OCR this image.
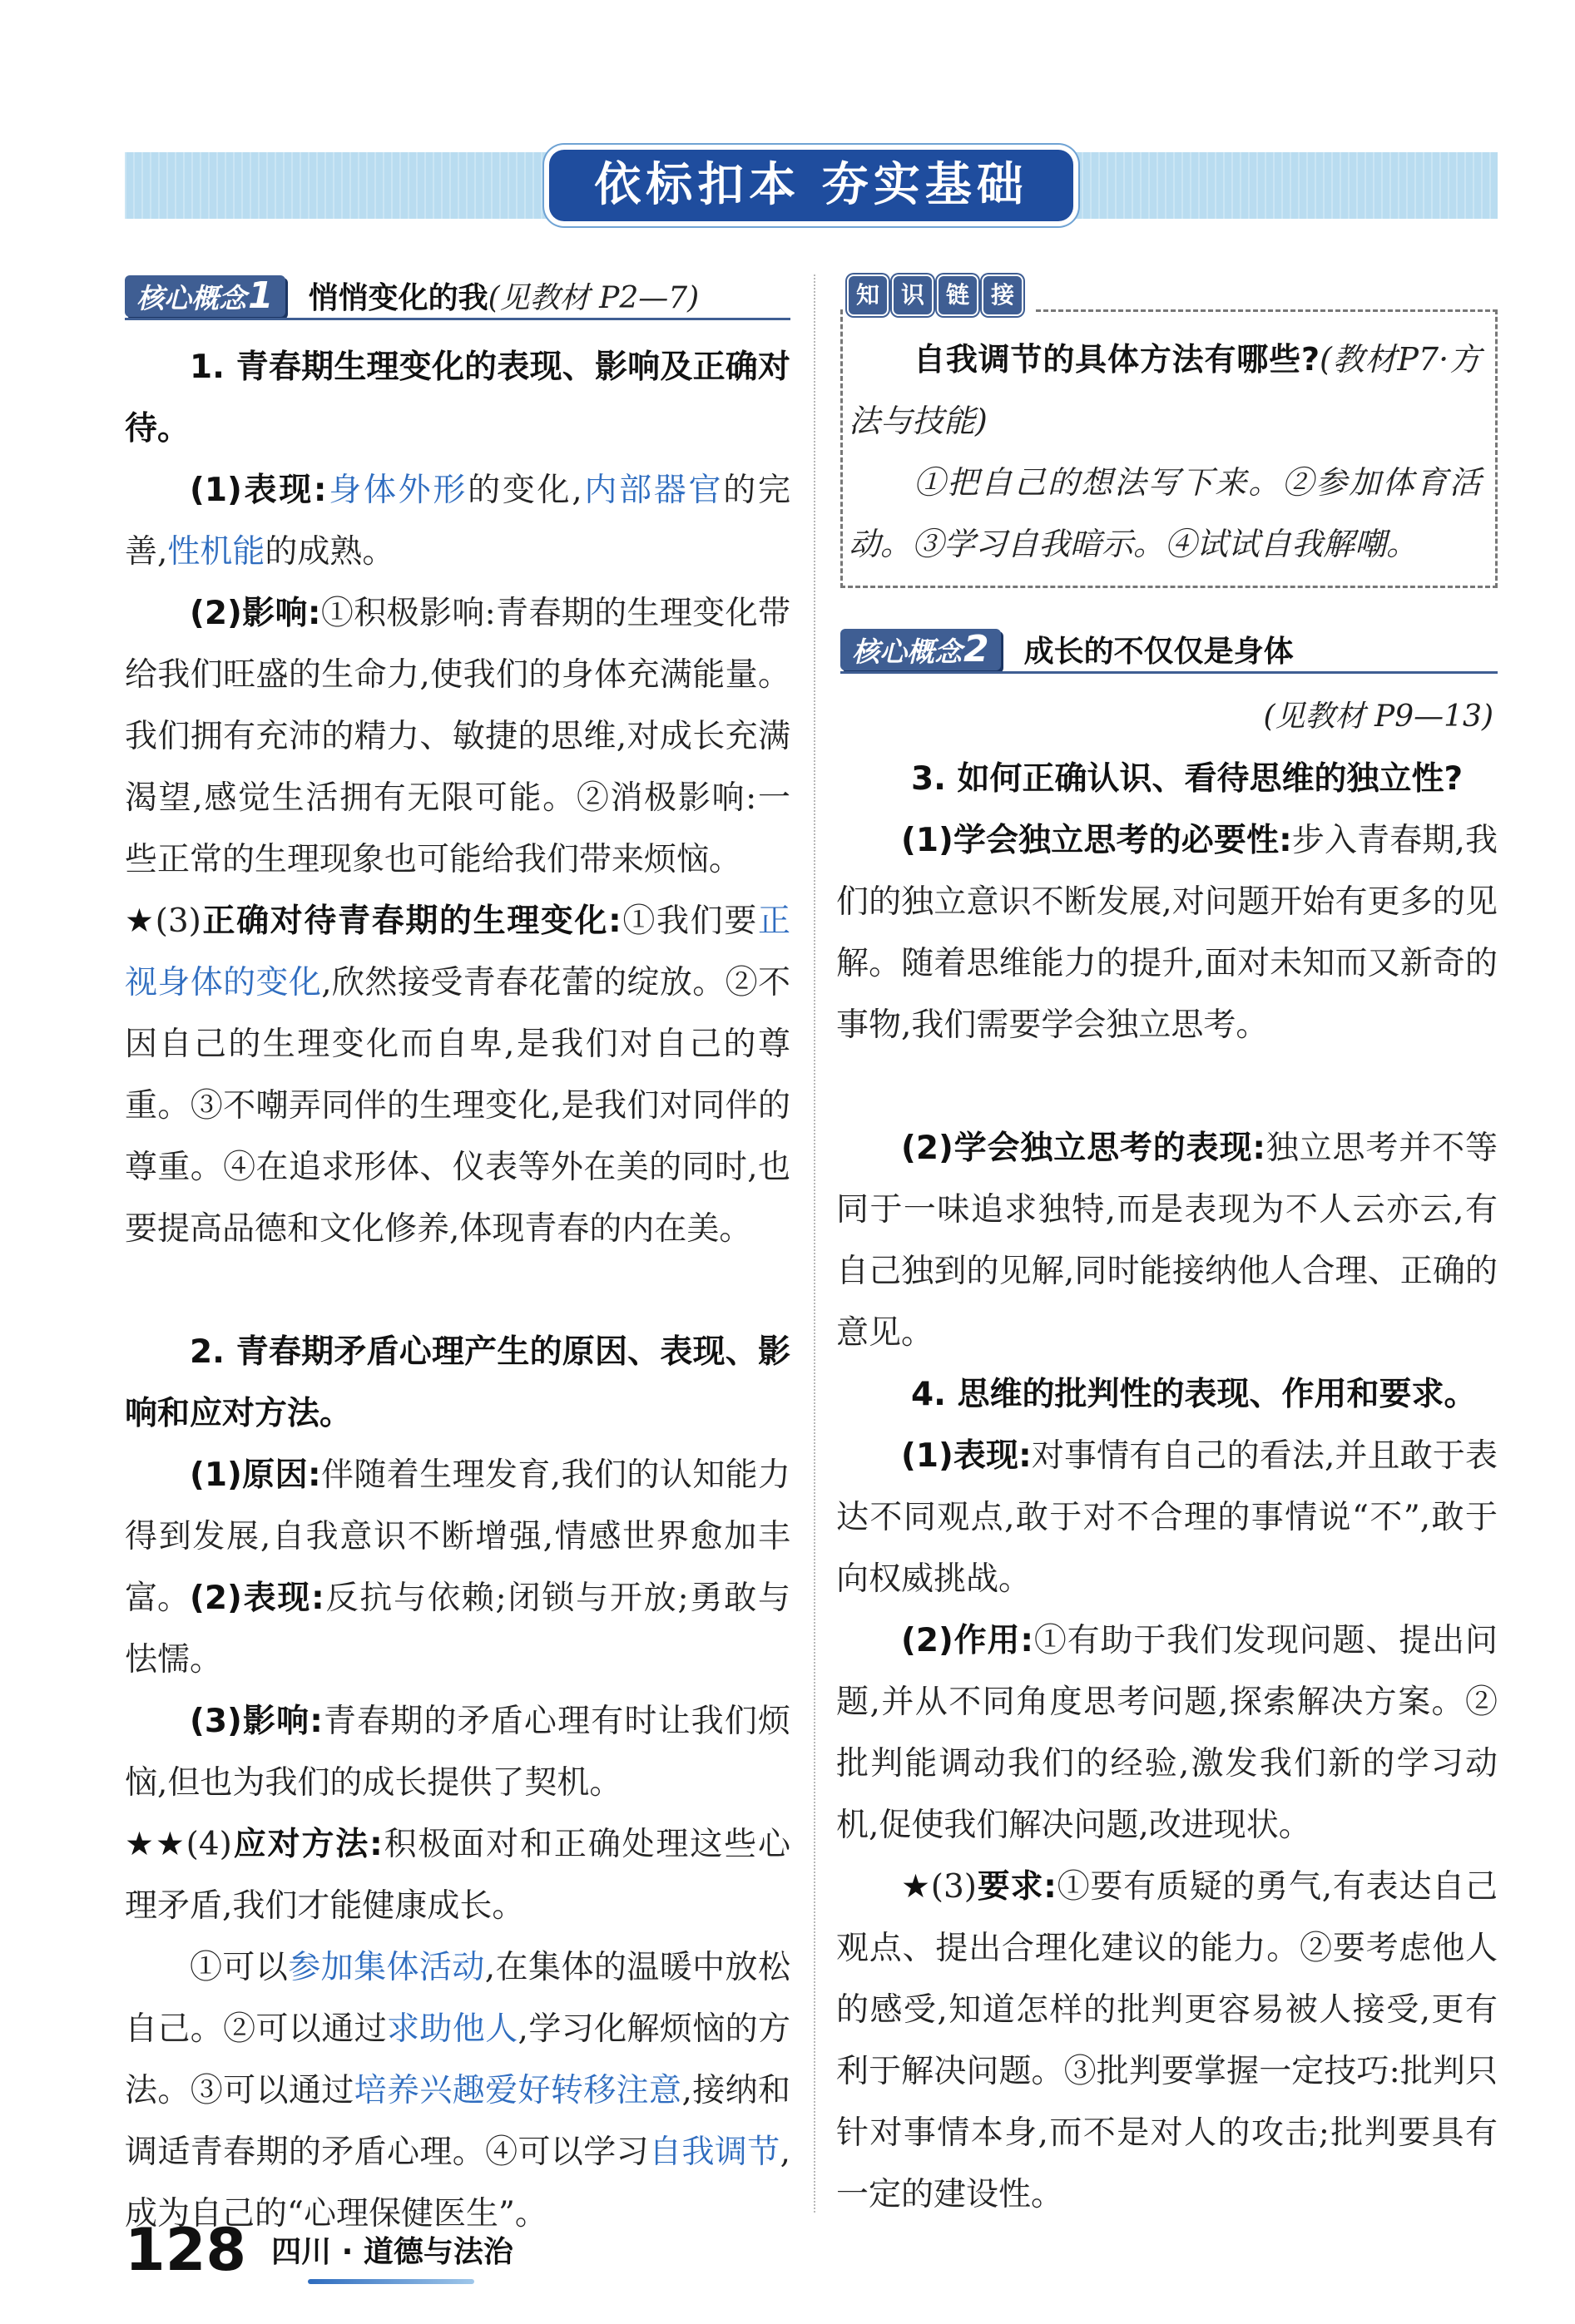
依标扣本 夯实基础
核心概念1	悄悄变化的我 (见教材 P2—7)

1. 青春期生理变化的表现、影响及正确对待。

(1)表现:身体外形的变化,内部器官的完善,性机能的成熟。

(2)影响:①积极影响:青春期的生理变化带给我们旺盛的生命力,使我们的身体充满能量。我们拥有充沛的精力、敏捷的思维,对成长充满渴望,感觉生活拥有无限可能。②消极影响:一些正常的生理现象也可能给我们带来烦恼。

★(3)正确对待青春期的生理变化:①我们要正视身体的变化,欣然接受青春花蕾的绽放。②不因自己的生理变化而自卑,是我们对自己的尊重。③不嘲弄同伴的生理变化,是我们对同伴的尊重。④在追求形体、仪表等外在美的同时,也要提高品德和文化修养,体现青春的内在美。

2. 青春期矛盾心理产生的原因、表现、影响和应对方法。

(1)原因:伴随着生理发育,我们的认知能力得到发展,自我意识不断增强,情感世界愈加丰富。 (2)表现:反抗与依赖;闭锁与开放;勇敢与怯懦。

(3)影响:青春期的矛盾心理有时让我们烦恼,但也为我们的成长提供了契机。

★★(4)应对方法:积极面对和正确处理这些心理矛盾,我们才能健康成长。

①可以参加集体活动,在集体的温暖中放松自己。②可以通过求助他人,学习化解烦恼的方法。③可以通过培养兴趣爱好转移注意,接纳和调适青春期的矛盾心理。④可以学习自我调节,成为自己的“心理保健医生”。

知 识 链 接

自我调节的具体方法有哪些?(教材P7·方法与技能)

①把自己的想法写下来。②参加体育活动。③学习自我暗示。④试试自我解嘲。

核心概念2	成长的不仅仅是身体
(见教材 P9—13)

3. 如何正确认识、看待思维的独立性?

(1)学会独立思考的必要性:步入青春期,我们的独立意识不断发展,对问题开始有更多的见解。随着思维能力的提升,面对未知而又新奇的事物,我们需要学会独立思考。

(2)学会独立思考的表现:独立思考并不等同于一味追求独特,而是表现为不人云亦云,有自己独到的见解,同时能接纳他人合理、正确的意见。

4. 思维的批判性的表现、作用和要求。

(1)表现:对事情有自己的看法,并且敢于表达不同观点,敢于对不合理的事情说“不”,敢于向权威挑战。

(2)作用:①有助于我们发现问题、提出问题,并从不同角度思考问题,探索解决方案。②批判能调动我们的经验,激发我们新的学习动机,促使我们解决问题,改进现状。

★(3)要求:①要有质疑的勇气,有表达自己观点、提出合理化建议的能力。②要考虑他人的感受,知道怎样的批判更容易被人接受,更有利于解决问题。③批判要掌握一定技巧:批判只针对事情本身,而不是对人的攻击;批判要具有一定的建设性。

128 四川 · 道德与法治
